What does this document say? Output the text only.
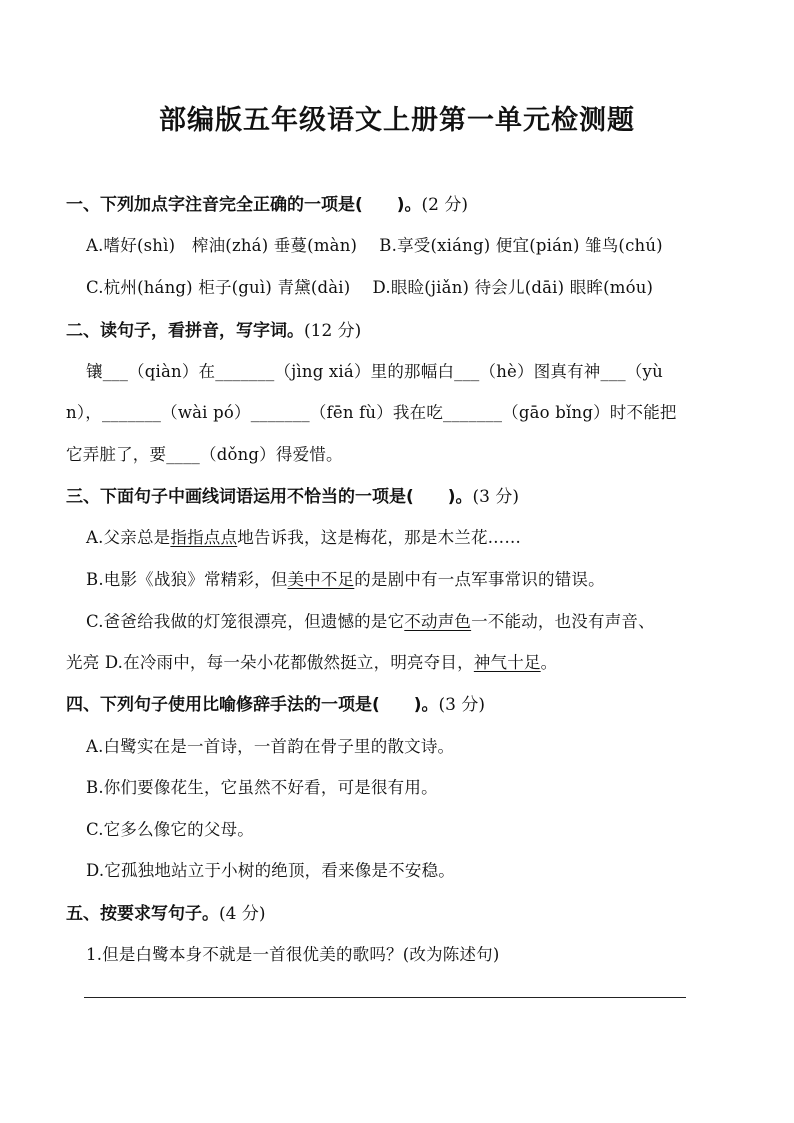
部编版五年级语文上册第一单元检测题
一、下列加点字注音完全正确的一项是(　　)。(2 分)
A.嗜好(shì)　榨油(zhá) 垂蔓(màn)　 B.享受(xiáng) 便宜(pián) 雏鸟(chú)
C.杭州(háng) 柜子(guì) 青黛(dài)　 D.眼睑(jiǎn) 待会儿(dāi) 眼眸(móu)
二、读句子，看拼音，写字词。(12 分)
镶___（qiàn）在_______（jìng xiá）里的那幅白___（hè）图真有神___（yù
n），_______（wài pó）_______（fēn fù）我在吃_______（gāo bǐng）时不能把
它弄脏了，要____（dǒng）得爱惜。
三、下面句子中画线词语运用不恰当的一项是(　　)。(3 分)
A.父亲总是指指点点地告诉我，这是梅花，那是木兰花……
B.电影《战狼》常精彩，但美中不足的是剧中有一点军事常识的错误。
C.爸爸给我做的灯笼很漂亮，但遗憾的是它不动声色一不能动，也没有声音、
光亮 D.在冷雨中，每一朵小花都傲然挺立，明亮夺目，神气十足。
四、下列句子使用比喻修辞手法的一项是(　　)。(3 分)
A.白鹭实在是一首诗，一首韵在骨子里的散文诗。
B.你们要像花生，它虽然不好看，可是很有用。
C.它多么像它的父母。
D.它孤独地站立于小树的绝顶，看来像是不安稳。
五、按要求写句子。(4 分)
1.但是白鹭本身不就是一首很优美的歌吗？(改为陈述句)
